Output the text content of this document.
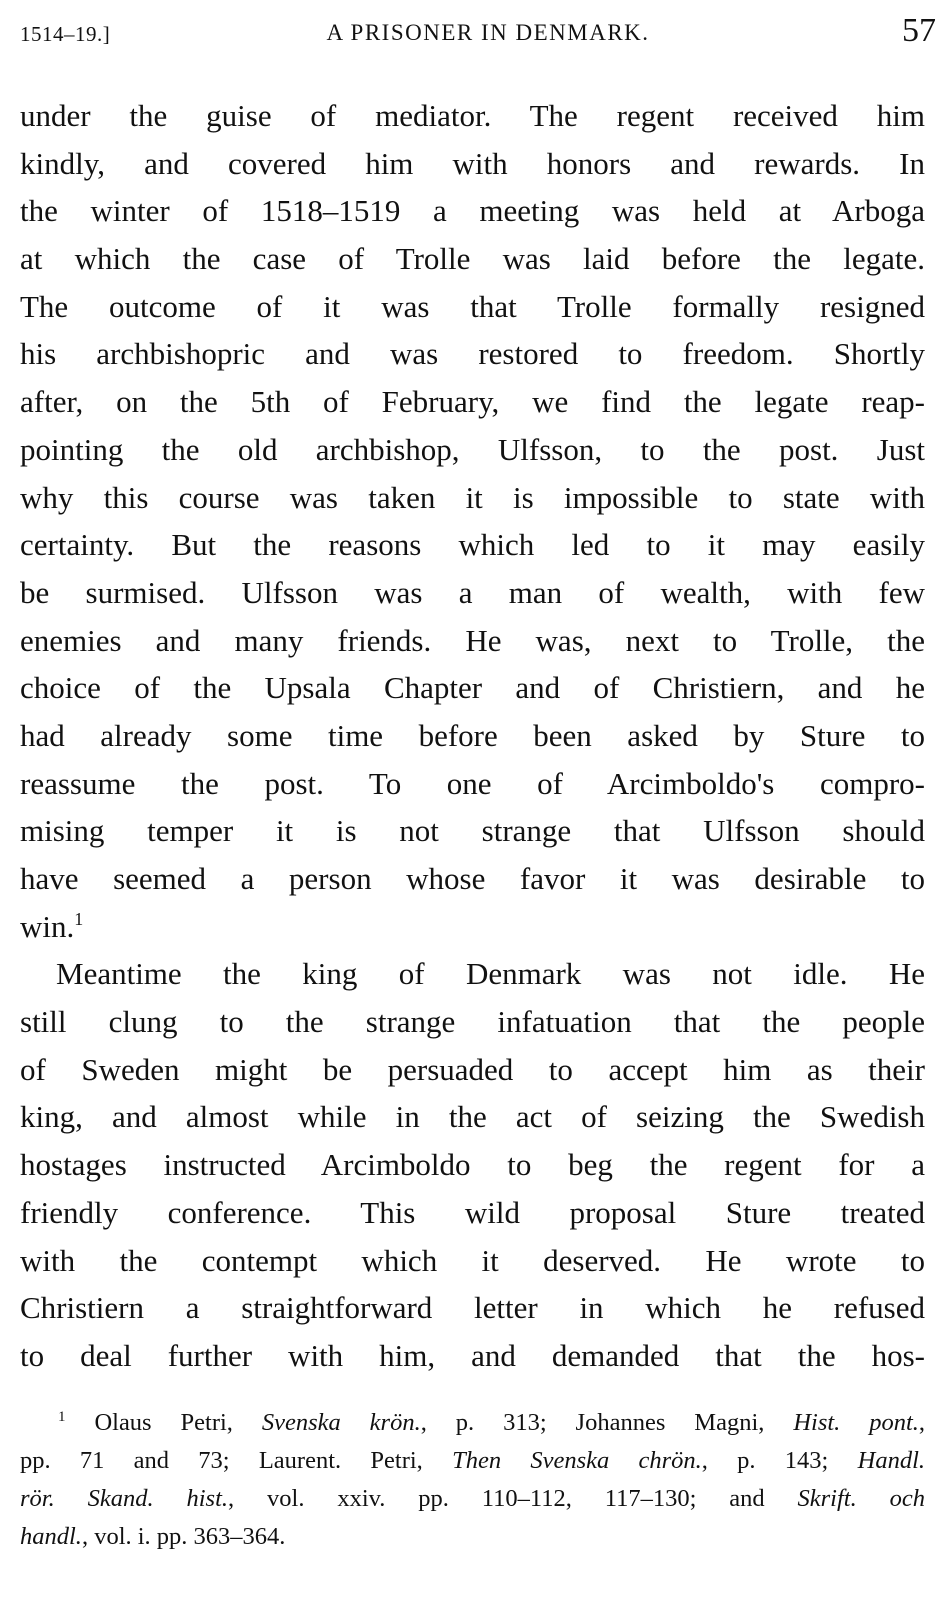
1514–19.]	A PRISONER IN DENMARK.	57
under the guise of mediator. The regent received him
kindly, and covered him with honors and rewards. In
the winter of 1518–1519 a meeting was held at Arboga
at which the case of Trolle was laid before the legate.
The outcome of it was that Trolle formally resigned
his archbishopric and was restored to freedom. Shortly
after, on the 5th of February, we find the legate reap-
pointing the old archbishop, Ulfsson, to the post. Just
why this course was taken it is impossible to state with
certainty. But the reasons which led to it may easily
be surmised. Ulfsson was a man of wealth, with few
enemies and many friends. He was, next to Trolle, the
choice of the Upsala Chapter and of Christiern, and he
had already some time before been asked by Sture to
reassume the post. To one of Arcimboldo's compro-
mising temper it is not strange that Ulfsson should
have seemed a person whose favor it was desirable to
win.$^1$
Meantime the king of Denmark was not idle. He
still clung to the strange infatuation that the people
of Sweden might be persuaded to accept him as their
king, and almost while in the act of seizing the Swedish
hostages instructed Arcimboldo to beg the regent for a
friendly conference. This wild proposal Sture treated
with the contempt which it deserved. He wrote to
Christiern a straightforward letter in which he refused
to deal further with him, and demanded that the hos-
$^1$ Olaus Petri, Svenska krön., p. 313; Johannes Magni, Hist. pont.,
pp. 71 and 73; Laurent. Petri, Then Svenska chrön., p. 143; Handl.
rör. Skand. hist., vol. xxiv. pp. 110–112, 117–130; and Skrift. och
handl., vol. i. pp. 363–364.
